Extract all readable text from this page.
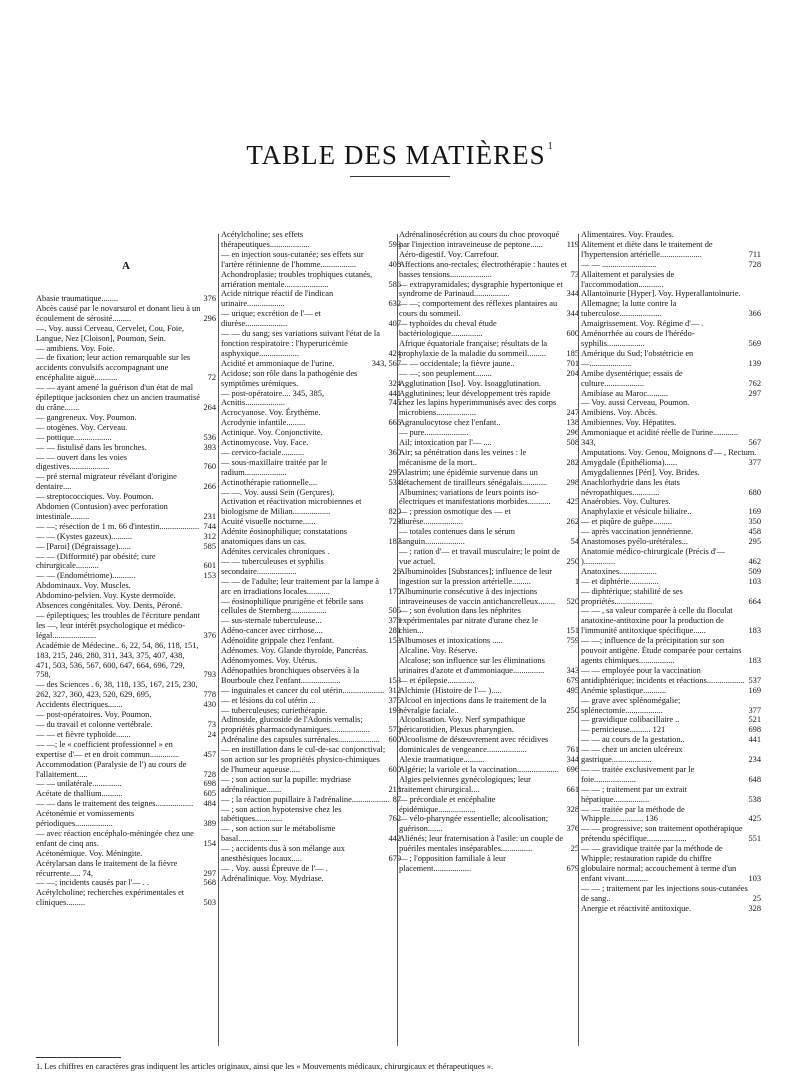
TABLE DES MATIÈRES $^1$
A
Abasie traumatique........	376
Abcès causé par le novarsurol et donant lieu à un écoulement de sérosité.........	296
—. Voy. aussi Cerveau, Cervelet, Cou, Foie, Langue, Nez [Cloison], Poumon, Sein.
— amibiens. Voy. Foie.
— de fixation; leur action remarquable sur les accidents convulsifs accompagnant une encéphalite aiguë...........	72
— — ayant amené la guérison d'un état de mal épileptique jacksonien chez un ancien traumatisé du crâne.......	264
— gangreneux. Voy. Poumon.
— otogènes. Voy. Cerveau.
— pottique..................	536
— — fistulisé dans les bronches.	393
— — ouvert dans les voies digestives...................	760
— pré sternal migrateur révélant d'origine dentaire....	266
— streptococciques. Voy. Poumon.
Abdomen (Contusion) avec perforation intestinale.........	231
— —; résection de 1 m. 66 d'intestin................... 744
— — (Kystes gazeux)..........	312
— [Paroi] (Dégraissage)......	585
— — (Difformité) par obésité; cure chirurgicale...........	601
— — (Endométriome)...........	153
Abdominaux. Voy. Muscles.
Abdomino-pelvien. Voy. Kyste dermoïde.
Absences congénitales. Voy. Dents, Péroné.
— épileptiques; les troubles de l'écriture pendant les —, leur intérêt psychologique et médico-légal.....................	376
Académie de Médecine.. 6, 22, 54, 86, 118, 151, 183, 215, 246, 280, 311, 343, 375, 407, 438, 471, 503, 536, 567, 600, 647, 664, 696, 729, 758,	793
— des Sciences . 6, 38, 118, 135, 167, 215, 230, 262, 327, 360, 423, 520, 629, 695,	778
Accidents électriques.......	430
— post-opératoires. Voy. Poumon.
— du travail et colonne vertébrale.	73
— — et fièvre typhoïde.......	24
— —; le « coefficient professionnel » en expertise d'— et en droit commun..............	457
Accommodation (Paralysie de l') au cours de l'allaitement.....	728
— — unilatérale..............	698
Acétate de thallium..........	605
— — dans le traitement des teignes..................	484
Acétonémie et vomissements périodiques..................	389
— avec réaction encéphalo-méningée chez une enfant de cinq ans.	154
Acétonémique. Voy. Méningite.
Acétylarsan dans le traitement de la fièvre récurrente..... 74,	297
— —; incidents causés par l'— . .	568
Acétylcholine; recherches expérimentales et cliniques.........	503
Acétylcholine; ses effets thérapeutiques...................	593
— en injection sous-cutanée; ses effets sur l'artère rétinienne de l'homme.................	408
Achondroplasie; troubles trophiques cutanés, arriération mentale.....................	586
Acide nitrique réactif de l'indican urinaire..................	632
— urique; excrétion de l'— et diurèse....................	407
— — du sang; ses variations suivant l'état de la fonction respiratoire : l'hyperuricémie asphyxique...................	424
Acidité et ammoniaque de l'urine.	343, 567
Acidose; son rôle dans la pathogénie des symptômes urémiques.	324
— post-opératoire.... 345, 385,	441
Acnitis...................	745
Acrocyanose. Voy. Érythème.
Acrodynie infantile.........	666
Actinique. Voy. Conjonctivite.
Actinomycose. Voy. Face.
— cervico-faciale...........	360
— sous-maxillaire traitée par le radium....................	295
Actinothérapie rationnelle....	534
— —. Voy. aussi Sein (Gerçures).
Activation et réactivation microbiennes et biologisme de Milian..................	820
Acuité visuelle nocturne......	729
Adénite éosinophilique; constatations anatomiques dans un cas.	187
Adénites cervicales chroniques .
— — tuberculeuses et syphilis secondaire...................	26
— — de l'adulte; leur traitement par la lampe à arc en irradiations locales...........	170
— éosinophilique prurigène et fébrile sans cellules de Sternberg.................	505
— sus-sternale tuberculeuse...	378
Adéno-cancer avec cirrhose....	281
Adénoïdite grippale chez l'enfant.	153
Adénomes. Voy. Glande thyroïde, Pancréas.
Adénomyomes. Voy. Utérus.
Adénopathies bronchiques observées à la Bourboule chez l'enfant...................	153
— inguinales et cancer du col utérin.................... 312
— et lésions du col utérin ...	375
— tuberculeuses; curiethérapie.	199
Adinoside, glucoside de l'Adonis vernalis; propriétés pharmacodynamiques...................	570
Adrénaline des capsules surrénales....................	600
— en instillation dans le cul-de-sac conjonctival; son action sur les propriétés physico-chimiques de l'humeur aqueuse.....	600
— ; son action sur la pupille: mydriase adrénalinique.......	218
— ; la réaction pupillaire à l'adrénaline.................. 87
— ; son action hypotensive chez les tabétiques.............	762
— , son action sur le métabolisme basal...................	442
— ; accidents dus à son mélange aux anesthésiques locaux.....	679
— . Voy. aussi Épreuve de l'— .
Adrénalinique. Voy. Mydriase.
Adrénalinosécrétion au cours du choc provoqué par l'injection intraveineuse de peptone......	119
Aéro-digestif. Voy. Carrefour.
Affections ano-rectales; électrothérapie : hautes et basses tensions....................	73
— extrapyramidales; dysgraphie hypertonique et syndrome de Parinaud.................	344
— —; comportement des réflexes plantaires au cours du sommeil.	344
— typhoïdes du cheval étude bactériologique...............	600
Afrique équatoriale française; résultats de la prophylaxie de la maladie du sommeil.........	185
— — occidentale; la fièvre jaune..	701
— —; son peuplement........	204
Agglutination [Iso]. Voy. Isoagglutination.
Agglutinines; leur développement très rapide chez les lapins hyperimmunisés avec des corps microbiens...................	247
Agranulocytose chez l'enfant..	138
— pure.....................	296
Ail; intoxication par l'— ....	508
Air; sa pénétration dans les veines : le mécanisme de la mort..	282
Alastrim; une épidémie survenue dans un détachement de tirailleurs sénégalais............	298
Albumines; variations de leurs points iso-électriques et manifestations morbides...........	425
— ; pression osmotique des — et diurèse...................	262
— totales contenues dans le sérum sanguin...................	54
— ; ration d'— et travail musculaire; le point de vue actuel.	250
Albuminoïdes [Substances]; influence de leur ingestion sur la pression artérielle.........	1
Albuminurie consécutive à des injections intraveineuses de vaccin antichancrelleux........	520
— ; son évolution dans les néphrites expérimentales par nitrate d'urane chez le chien...	151
Albumoses et intoxications .....	759
Alcaline. Voy. Réserve.
Alcalose; son influence sur les éliminations urinaires d'azote et d'ammoniaque...............	343
— et épilepsie.............	679
Alchimie (Histoire de l'— ).....	495
Alcool en injections dans le traitement de la névralgie faciale..	250
Alcoolisation. Voy. Nerf sympathique péricarotidien, Plexus pharyngien.
Alcoolisme de désœuvrement avec récidives dominicales de vengeance...................	761
Alexie traumatique..........	344
Algérie; la variole et la vaccination.................... 696
Algies pelviennes gynécologiques; leur traitement chirurgical....	661
— précordiale et encéphalite épidémique..................	328
— vélo-pharyngée essentielle; alcoolisation; guérison.......	376
Aliénés; leur fraternisation à l'asile: un couple de puériles mentales inséparables...............	25
— ; l'opposition familiale à leur placement..................	679
Alimentaires. Voy. Fraudes.
Alitement et diète dans le traitement de l'hypertension artérielle....................	711
— — ..........................	728
Allaitement et paralysies de l'accommodation............
Allantoïnurie [Hyper]. Voy. Hyperallantoïnurie.
Allemagne; la lutte contre la tuberculose....................	366
Amaigrissement. Voy. Régime d'— .
Aménorrhée au cours de l'hérédo-syphilis..................	569
Amérique du Sud; l'obstétricie en —....................	139
Amibe dysentérique; essais de culture...................	762
Amibiase au Maroc..........	297
— Voy. aussi Cerveau, Poumon.
Amibiens. Voy. Abcès.
Amibiennes. Voy. Hépatites.
Ammoniaque et acidité réelle de l'urine............ 343,	567
Amputations. Voy. Genou, Moignons d'— , Rectum.
Amygdale (Épithélioma)......	377
Amygdaliennes [Péri]. Voy. Brides.
Anachlorhydrie dans les états névropathiques.............	680
Anaérobies. Voy. Cultures.
Anaphylaxie et vésicule biliaire..	169
— et piqûre de guêpe.........	350
— après vaccination jennérienne.	458
Anastomoses pyélo-urétérales...	295
Anatomie médico-chirurgicale (Précis d'— )...............	462
Anatoxines..................	509
— et diphtérie..............	103
— diphtérique; stabilité de ses propriétés..................	664
— — , sa valeur comparée à celle du floculat anatoxine-antitoxine pour la production de l'immunité antitoxique spécifique......	183
— —; influence de la précipitation sur son pouvoir antigène. Étude comparée pour certains agents chimiques.................	183
— — employée pour la vaccination antidiphtérique; incidents et réactions.................. 537
Anémie splastique...........	169
— grave avec splénomégalie; splénectomie..................	377
— gravidique colibacillaire ..	521
— pernicieuse.......... 121	698
— — au cours de la gestation..	441
— — chez un ancien ulcéreux gastrique...................	234
— — traitée exclusivement par le foie....................	648
— — ; traitement par un extrait hépatique.................	538
— — traitée par la méthode de Whipple................ 136	425
— — progressive; son traitement opothérapique prétendu spécifique...................	551
— — gravidique traitée par la méthode de Whipple; restauration rapide du chiffre globulaire normal; accouchement à terme d'un enfant vivant...........	103
— — ; traitement par les injections sous-cutanées de sang..	25
Anergie et réactivité antitoxique.	328
1. Les chiffres en caractères gras indiquent les articles originaux, ainsi que les « Mouvements médicaux, chirurgicaux et thérapeutiques ».
